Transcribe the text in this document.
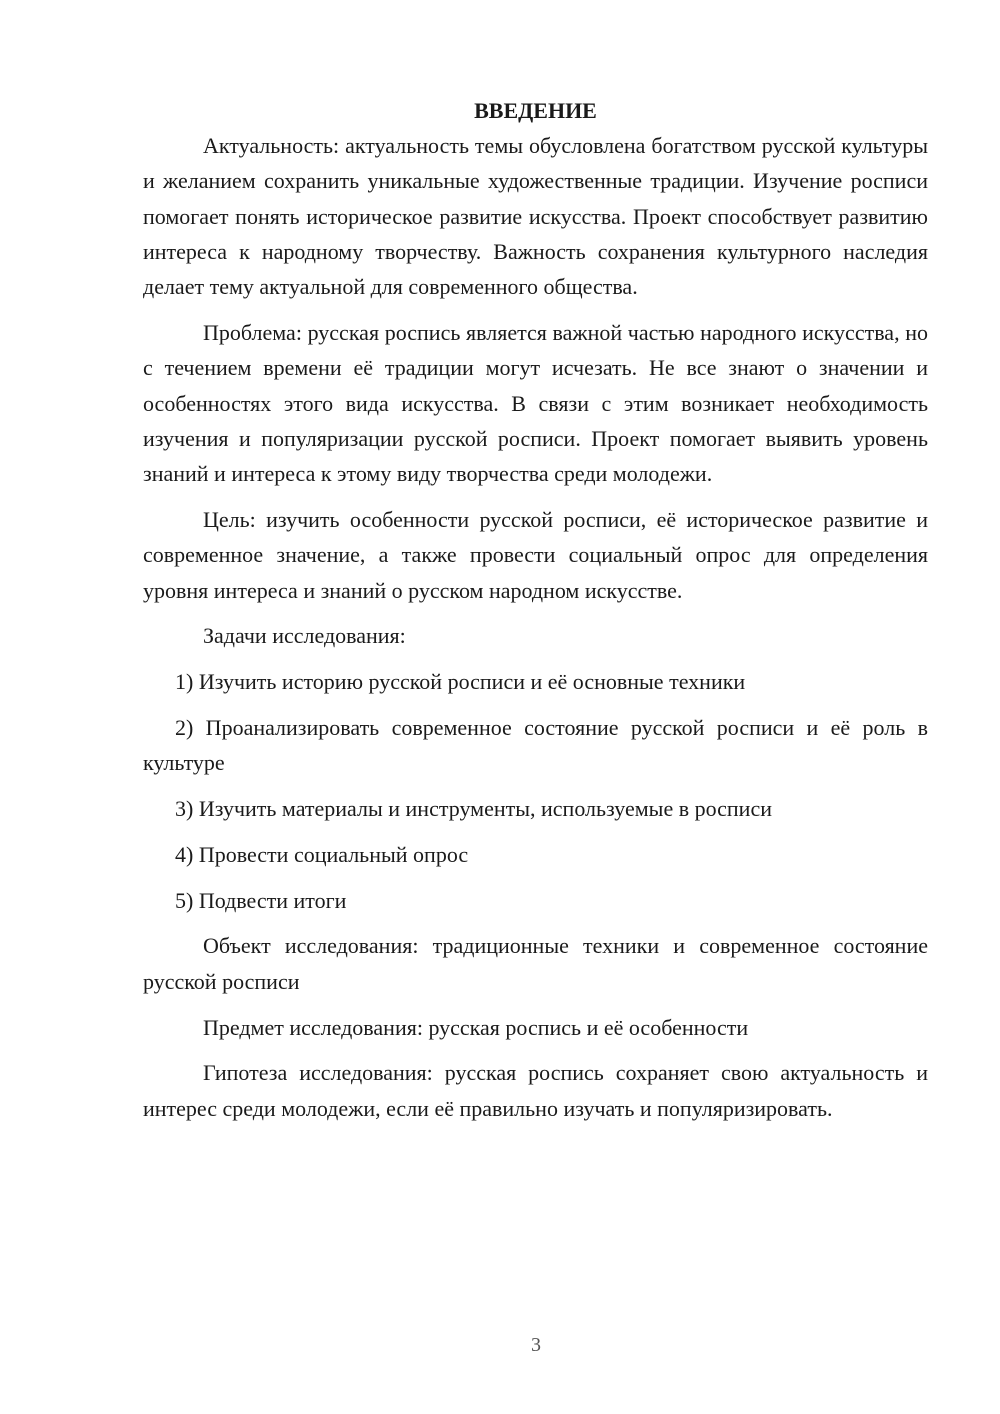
ВВЕДЕНИЕ

Актуальность: актуальность темы обусловлена богатством русской культуры и желанием сохранить уникальные художественные традиции. Изучение росписи помогает понять историческое развитие искусства. Проект способствует развитию интереса к народному творчеству. Важность сохранения культурного наследия делает тему актуальной для современного общества.

Проблема: русская роспись является важной частью народного искусства, но с течением времени её традиции могут исчезать. Не все знают о значении и особенностях этого вида искусства. В связи с этим возникает необходимость изучения и популяризации русской росписи. Проект помогает выявить уровень знаний и интереса к этому виду творчества среди молодежи.

Цель: изучить особенности русской росписи, её историческое развитие и современное значение, а также провести социальный опрос для определения уровня интереса и знаний о русском народном искусстве.

Задачи исследования:

1) Изучить историю русской росписи и её основные техники

2) Проанализировать современное состояние русской росписи и её роль в культуре

3) Изучить материалы и инструменты, используемые в росписи

4) Провести социальный опрос

5) Подвести итоги

Объект исследования: традиционные техники и современное состояние русской росписи

Предмет исследования: русская роспись и её особенности

Гипотеза исследования: русская роспись сохраняет свою актуальность и интерес среди молодежи, если её правильно изучать и популяризировать.

3
